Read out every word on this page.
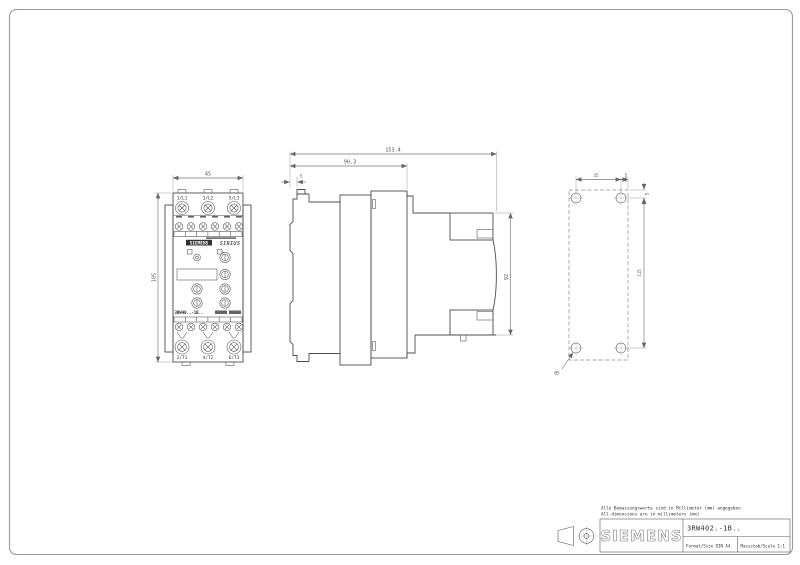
45
105
1/L1	3/L2	5/L3
SIEMENS SIRIUS
3RW40..-1B..
2/T1	4/T2	6/T3
153.4
90.3
5
92
35	5
5
115
Ø5
Alle Bemassungswerte sind in Millimeter (mm) angegeben
All dimensions are in millimeters (mm)
SIEMENS 3RW402.-1B..
Format/Size DIN A4 Massstab/Scale 1:1
